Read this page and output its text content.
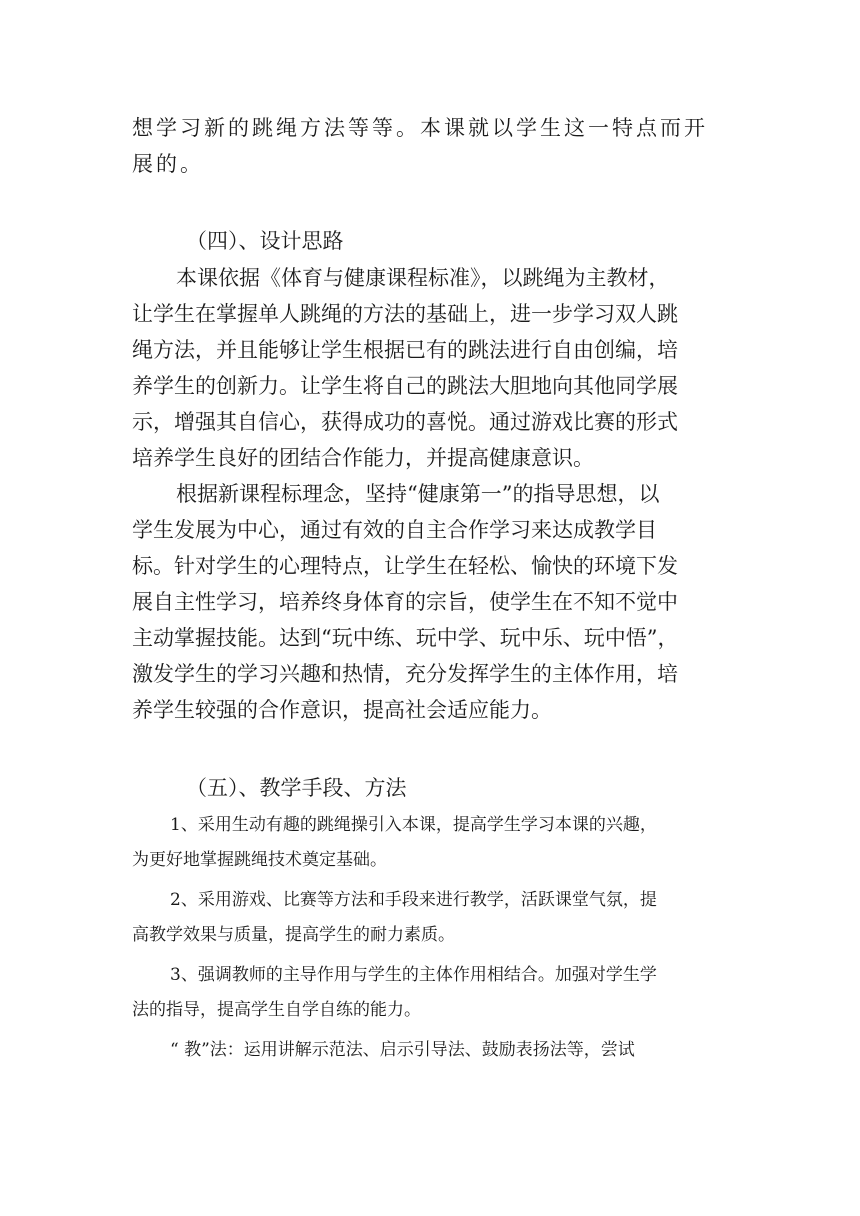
想学习新的跳绳方法等等。本课就以学生这一特点而开

展的。

（四）、设计思路

本课依据《体育与健康课程标准》，以跳绳为主教材，

让学生在掌握单人跳绳的方法的基础上，进一步学习双人跳

绳方法，并且能够让学生根据已有的跳法进行自由创编，培

养学生的创新力。让学生将自己的跳法大胆地向其他同学展

示，增强其自信心，获得成功的喜悦。通过游戏比赛的形式

培养学生良好的团结合作能力，并提高健康意识。

根据新课程标理念，坚持“健康第一”的指导思想，以

学生发展为中心，通过有效的自主合作学习来达成教学目

标。针对学生的心理特点，让学生在轻松、愉快的环境下发

展自主性学习，培养终身体育的宗旨，使学生在不知不觉中

主动掌握技能。达到“玩中练、玩中学、玩中乐、玩中悟”，

激发学生的学习兴趣和热情，充分发挥学生的主体作用，培

养学生较强的合作意识，提高社会适应能力。

（五）、教学手段、方法

1、采用生动有趣的跳绳操引入本课，提高学生学习本课的兴趣，

为更好地掌握跳绳技术奠定基础。

2、采用游戏、比赛等方法和手段来进行教学，活跃课堂气氛，提

高教学效果与质量，提高学生的耐力素质。

3、强调教师的主导作用与学生的主体作用相结合。加强对学生学

法的指导，提高学生自学自练的能力。

“ 教”法：运用讲解示范法、启示引导法、鼓励表扬法等，尝试
